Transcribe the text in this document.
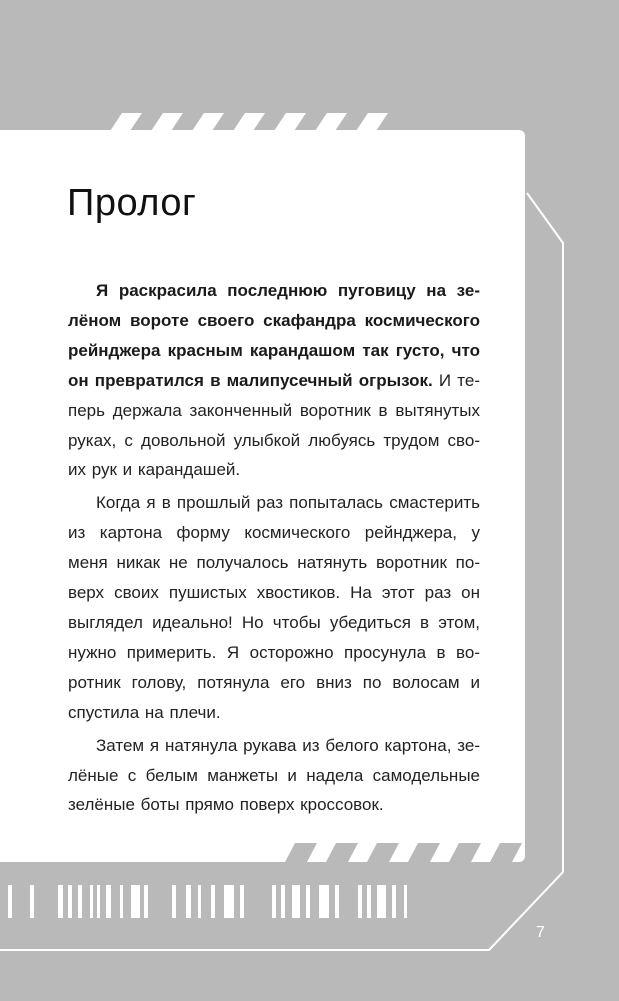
Пролог
Я раскрасила последнюю пуговицу на зе-
лёном вороте своего скафандра космического
рейнджера красным карандашом так густо, что
он превратился в малипусечный огрызок. И те-
перь держала законченный воротник в вытянутых
руках, с довольной улыбкой любуясь трудом сво-
их рук и карандашей.
Когда я в прошлый раз попыталась смастерить
из картона форму космического рейнджера, у
меня никак не получалось натянуть воротник по-
верх своих пушистых хвостиков. На этот раз он
выглядел идеально! Но чтобы убедиться в этом,
нужно примерить. Я осторожно просунула в во-
ротник голову, потянула его вниз по волосам и
спустила на плечи.
Затем я натянула рукава из белого картона, зе-
лёные с белым манжеты и надела самодельные
зелёные боты прямо поверх кроссовок.
7
